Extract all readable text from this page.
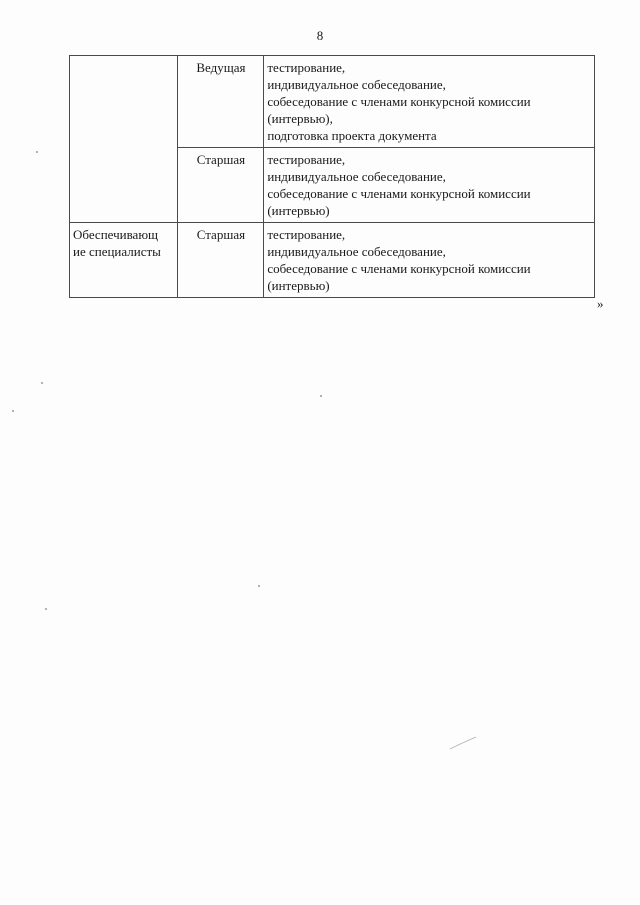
8
	Ведущая	тестирование,
индивидуальное собеседование,
собеседование с членами конкурсной комиссии
(интервью),
подготовка проекта документа

	Старшая	тестирование,
индивидуальное собеседование,
собеседование с членами конкурсной комиссии
(интервью)

Обеспечивающ
ие специалисты	Старшая	тестирование,
индивидуальное собеседование,
собеседование с членами конкурсной комиссии
(интервью)
»
